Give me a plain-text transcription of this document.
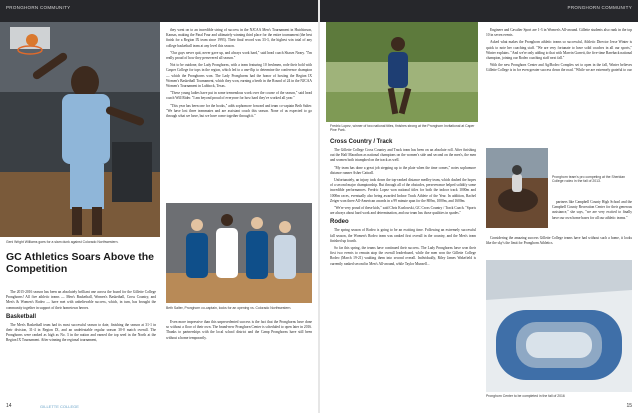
PRONGHORN COMMUNITY	PRONGHORN COMMUNITY
Geni Wright Williams goes for a slam dunk against Colorado Northwestern.
GC Athletics Soars Above the Competition

The 2015-2016 season has been an absolutely brilliant one across the board for the Gillette College Pronghorns! All five athletic teams — Men's Basketball, Women's Basketball, Cross Country, and Men's & Women's Rodeo — have met with unbelievable success, which, in turn, has brought the community together in support of their hometown heroes.

Basketball

The Men's Basketball team had its most successful season to date, finishing the season at 31-1 in their division, 31-4 in Region IX, and an undefeatable regular season 30-0 match overall. The Pronghorns were ranked as high as No. 3 in the nation and earned the top seed in the North at the Region IX Tournament. After winning the regional tournament,

they went on to an incredible string of success in the NJCAA Men's Tournament in Hutchinson, Kansas, making the Final Four and ultimately winning third place for the entire tournament (the best finish for a Region IX team since 1993). Their final record was 33-3, the highest win total of any college basketball team at any level this season.

"Our guys never quit, never gave up, and always work hard," said head coach Shawn Neary. "I'm really proud of how they persevered all season."

Not to be outdone, the Lady Pronghorns, with a team featuring 10 freshmen, rode their bold with Casper College for tops in the region, which led to a one-flip to determine the conference champion — which the Pronghorns won. The Lady Pronghorns had the honor of hosting the Region IX Women's Basketball Tournament, which they won, earning a berth in the Round of 24 in the NJCAA Women's Tournament in Lubbock, Texas.

"These young ladies have put in some tremendous work over the course of the season," said head coach Will Rider. "I am beyond proud of everyone for how hard they've worked all year."

"This year has been one for the books," adds sophomore forward and team co-captain Beth Salter. "We have lost three teammates and are assistant coach this season. None of us expected to go through what we have, but we have come together through it."

Beth Salter, Pronghorn co-captain, looks for an opening vs. Colorado Northwestern.

Even more impressive than this unprecedented success is the fact that the Pronghorns have done so without a floor of their own. The brand-new Pronghorn Center is scheduled to open later in 2016. Thanks to partnerships with the local school district and the Camp Pronghorns have still been without a home temporarily.

Fredric Lopez, winner of two national titles, finishes strong at the Pronghorn Invitational at Caper Pine Park.
Cross Country / Track

The Gillette College Cross Country and Track team has been on an absolute roll. After finishing out the Half Marathon as national champions on the women's side and second on the men's, the men and women both triumphed on the track as well.

"My team has done a great job stepping up to the plate when the time comes," notes sophomore distance runner Asher Cattrall.

Unfortunately, an injury took down the top-ranked distance medley team, which dashed the hopes of a second major championship. But through all of the obstacles, perseverance helped solidify some incredible performances. Fredric Lopez won national titles for both the indoor track 1000m and 1000m races, eventually also being awarded Indoor Track Athlete of the Year. In addition, Rachel Zeiger won three All-American awards in a 99 minute span for the 800m, 1000m, and 1600m.

"We're very proud of these kids," said Chris Kozlowski, GC Cross Country / Track Coach. "Sports are always about hard work and determination, and our team has those qualities in spades."

Rodeo

The spring season of Rodeo is going to be an exciting time. Following an extremely successful fall season, the Women's Rodeo team was ranked first overall in the country, and the Men's team finished up fourth.

So far this spring, the teams have continued their success. The Lady Pronghorns have won their first two events to remain atop the overall leaderboard, while the men won the Gillette College Rodeo (March 19-21) vaulting them into second overall. Individually, Riley James Wakefield is currently ranked second in Men's All-around, while Taylor Munsell...

Engineer and Cavalier Sport are 1-3 in Women's All-around. Gillette students also rank in the top 10 in seven events.

Asked what makes the Pronghorn athletic teams so successful, Athletic Director Jesse Winter is quick to note her coaching staff. "We are very fortunate to have solid coaches in all our sports," Winter explains. "And we're only adding to that with Marvin Garrett, the five-time Bareback national champion, joining our Rodeo coaching staff next fall."

With the new Pronghorn Center and Ag/Rodeo Complex set to open in the fall, Winter believes Gillette College is in for even greater success down the road. "While we are extremely grateful to our

Pronghorn team's pro competing at the Sheridan College rodeo in the fall of 2013.

partners like Campbell County High School and the Campbell County Recreation Center for their generous assistance," she says, "we are very excited to finally have our own home bases for all our athletic teams."

Considering the amazing success Gillette College teams have had without such a home, it looks like the sky's the limit for Pronghorn Athletics.

Pronghorn Center to be completed in the fall of 2016
14	GILLETTE COLLEGE	15
